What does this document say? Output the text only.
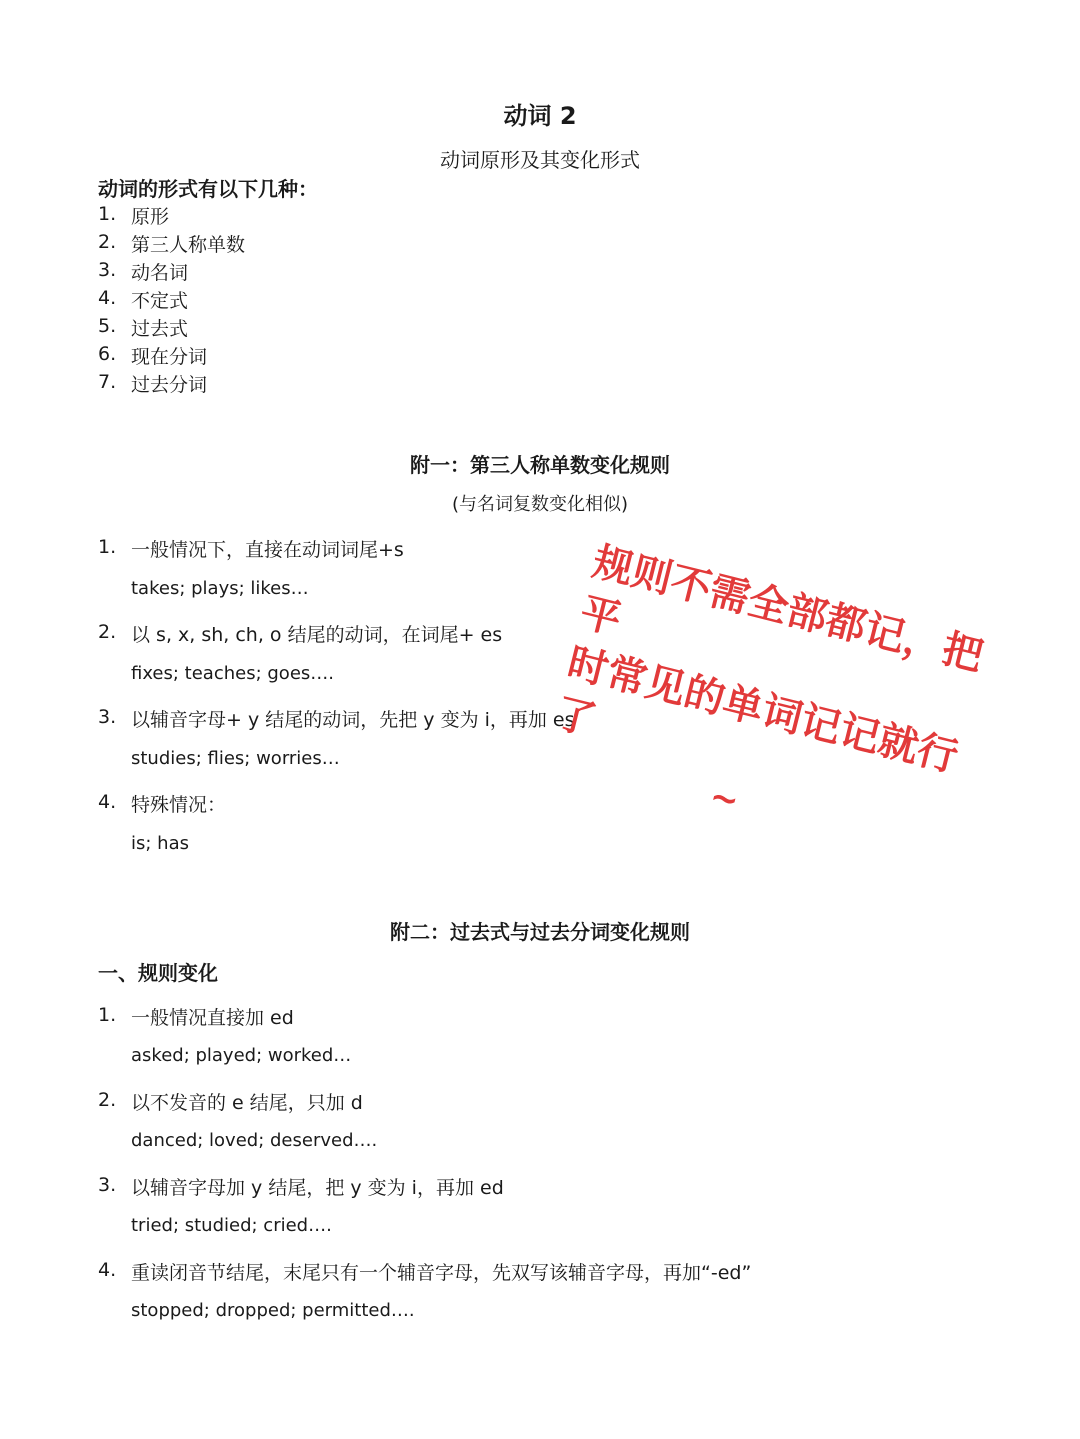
动词 2
动词原形及其变化形式
动词的形式有以下几种：
1. 原形
2. 第三人称单数
3. 动名词
4. 不定式
5. 过去式
6. 现在分词
7. 过去分词
附一：第三人称单数变化规则
(与名词复数变化相似)
1. 一般情况下，直接在动词词尾+s
takes; plays; likes…
2. 以 s, x, sh, ch, o 结尾的动词，在词尾+ es
fixes; teaches; goes….
3. 以辅音字母+ y 结尾的动词，先把 y 变为 i，再加 es
studies; flies; worries…
4. 特殊情况：
is; has
附二：过去式与过去分词变化规则
一、规则变化
1. 一般情况直接加 ed
asked; played; worked…
2. 以不发音的 e 结尾，只加 d
danced; loved; deserved….
3. 以辅音字母加 y 结尾，把 y 变为 i，再加 ed
tried; studied; cried….
4. 重读闭音节结尾，末尾只有一个辅音字母，先双写该辅音字母，再加“-ed”
stopped; dropped; permitted….
规则不需全部都记，把平
时常见的单词记记就行了
~
